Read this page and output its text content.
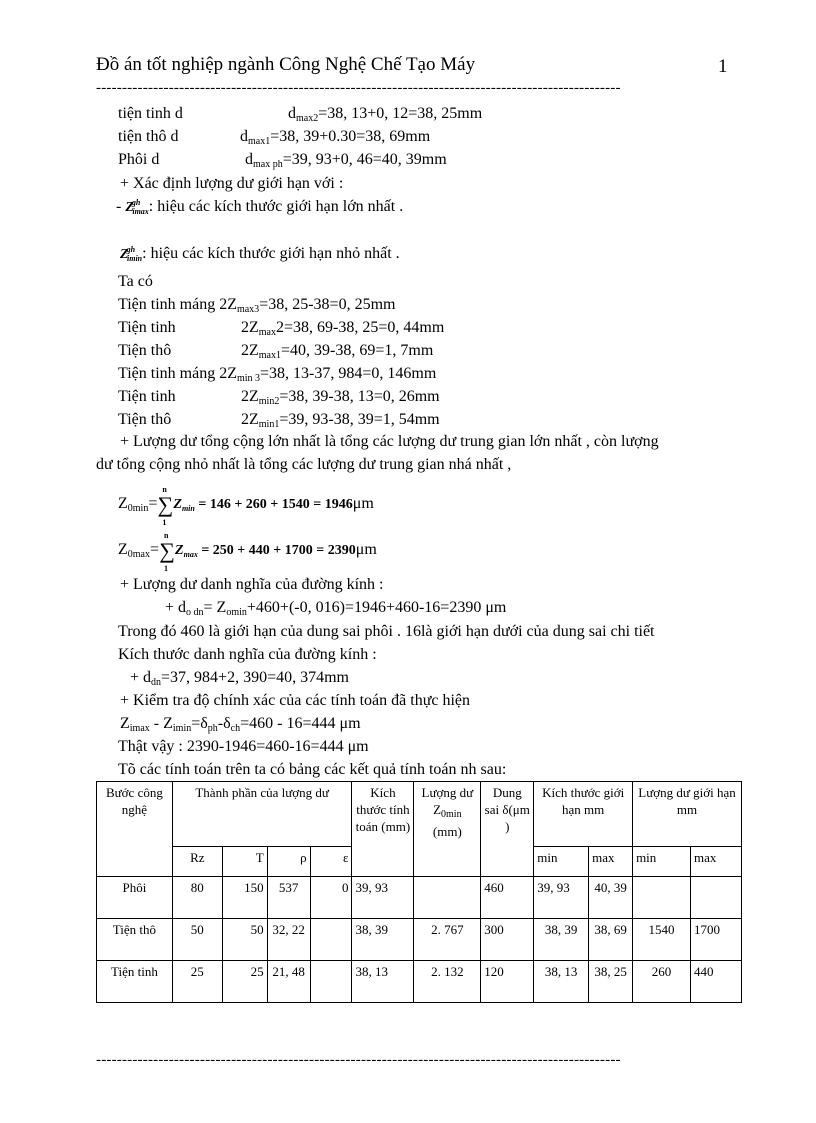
Đồ án tốt nghiệp ngành Công Nghệ Chế Tạo Máy	1
-----------------------------------------------------------------------------------------------------
tiện tinh d	$d_{max2}=38$, 13+0, 12=38, 25mm
tiện thô d	$d_{max1}=38$, 39+0.30=38, 69mm
Phôi d	$d_{max ph}=39$, 93+0, 46=40, 39mm
+ Xác định lượng dư giới hạn với :
- $Z^{gh}_{imax}$: hiệu các kích thước giới hạn lớn nhất .
$Z^{gh}_{imin}$: hiệu các kích thước giới hạn nhỏ nhất .
Ta có
Tiện tinh máng $2Z_{max3}=38$, 25-38=0, 25mm
Tiện tinh	$2Z_{max}2=38$, 69-38, 25=0, 44mm
Tiện thô	$2Z_{max1}=40$, 39-38, 69=1, 7mm
Tiện tinh máng $2Z_{min 3}=38$, 13-37, 984=0, 146mm
Tiện tinh	$2Z_{min2}=38$, 39-38, 13=0, 26mm
Tiện thô	$2Z_{min1}=39$, 93-38, 39=1, 54mm
+ Lượng dư tổng cộng lớn nhất là tổng các lượng dư trung gian lớn nhất , còn lượng
dư tổng cộng nhỏ nhất là tổng các lượng dư trung gian nhá nhất ,
$Z_{0min}=$
n
∑
1
$Z_{min} = 146 + 260 + 1540 = 1946\mu m$
$Z_{0max}=$
n
∑
1
$Z_{max} = 250 + 440 + 1700 = 2390\mu m$
+ Lượng dư danh nghĩa của đường kính :
+ $d_{o dn}= Z_{omin}+460+(-0$, 016)=1946+460-16=2390 μm
Trong đó 460 là giới hạn của dung sai phôi . 16là giới hạn dưới của dung sai chi tiết
Kích thước danh nghĩa của đường kính :
+ $d_{dn}=37$, 984+2, 390=40, 374mm
+ Kiểm tra độ chính xác của các tính toán đã thực hiện
$Z_{imax} - Z_{imin}=\delta_{ph}-\delta_{ch}=460 - 16=444$ μm
Thật vậy : 2390-1946=460-16=444 μm
Tõ các tính toán trên ta có bảng các kết quả tính toán nh sau:
Bước công nghệ	Thành phần của lượng dư				Kích thước tính toán (mm)	Lượng dư $Z_{0min}$ (mm)	Dung sai δ(μm )	Kích thước giới hạn mm		Lượng dư giới hạn mm	
	Rz	T	ρ	ε				min	max	min	max
Phôi	80	150	537	0	39, 93		460	39, 93	40, 39		
Tiện thô	50	50	32, 22		38, 39	2. 767	300	38, 39	38, 69	1540	1700
Tiện tinh	25	25	21, 48		38, 13	2. 132	120	38, 13	38, 25	260	440
-----------------------------------------------------------------------------------------------------
